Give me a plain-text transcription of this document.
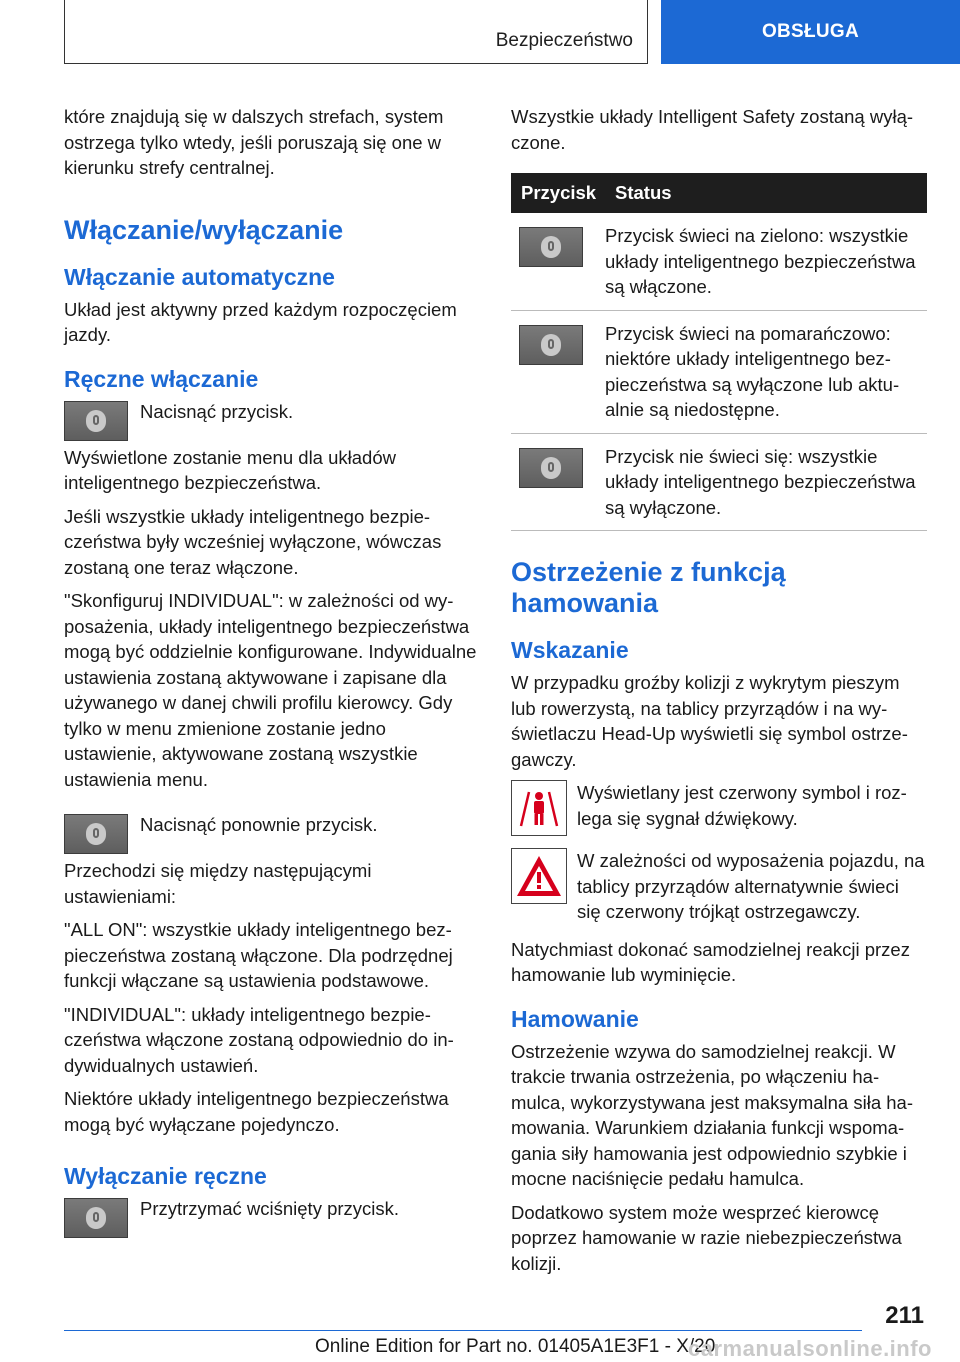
Bezpieczeństwo	OBSŁUGA

które znajdują się w dalszych strefach, system ostrzega tylko wtedy, jeśli poruszają się one w kierunku strefy centralnej.

Włączanie/wyłączanie
Włączanie automatyczne

Układ jest aktywny przed każdym rozpoczęciem jazdy.

Ręczne włączanie

Nacisnąć przycisk.

Wyświetlone zostanie menu dla układów inteligentnego bezpieczeństwa.

Jeśli wszystkie układy inteligentnego bezpieczeństwa były wcześniej wyłączone, wówczas zostaną one teraz włączone.

"Skonfiguruj INDIVIDUAL": w zależności od wyposażenia, układy inteligentnego bezpieczeństwa mogą być oddzielnie konfigurowane. Indywidualne ustawienia zostaną aktywowane i zapisane dla używanego w danej chwili profilu kierowcy. Gdy tylko w menu zmienione zostanie jedno ustawienie, aktywowane zostaną wszystkie ustawienia menu.

Nacisnąć ponownie przycisk.

Przechodzi się między następującymi ustawieniami:

"ALL ON": wszystkie układy inteligentnego bezpieczeństwa zostaną włączone. Dla podrzędnej funkcji włączane są ustawienia podstawowe.

"INDIVIDUAL": układy inteligentnego bezpieczeństwa włączone zostaną odpowiednio do indywidualnych ustawień.

Niektóre układy inteligentnego bezpieczeństwa mogą być wyłączane pojedynczo.

Wyłączanie ręczne

Przytrzymać wciśnięty przycisk.

Wszystkie układy Intelligent Safety zostaną wyłączone.

Przycisk	Status

	Przycisk świeci na zielono: wszystkie układy inteligentnego bezpieczeństwa są włączone.

	Przycisk świeci na pomarańczowo: niektóre układy inteligentnego bezpieczeństwa są wyłączone lub aktualnie są niedostępne.

	Przycisk nie świeci się: wszystkie układy inteligentnego bezpieczeństwa są wyłączone.
Ostrzeżenie z funkcją hamowania
Wskazanie

W przypadku groźby kolizji z wykrytym pieszym lub rowerzystą, na tablicy przyrządów i na wyświetlaczu Head-Up wyświetli się symbol ostrzegawczy.

Wyświetlany jest czerwony symbol i rozlega się sygnał dźwiękowy.

W zależności od wyposażenia pojazdu, na tablicy przyrządów alternatywnie świeci się czerwony trójkąt ostrzegawczy.

Natychmiast dokonać samodzielnej reakcji przez hamowanie lub wyminięcie.

Hamowanie

Ostrzeżenie wzywa do samodzielnej reakcji. W trakcie trwania ostrzeżenia, po włączeniu hamulca, wykorzystywana jest maksymalna siła hamowania. Warunkiem działania funkcji wspomagania siły hamowania jest odpowiednio szybkie i mocne naciśnięcie pedału hamulca.

Dodatkowo system może wesprzeć kierowcę poprzez hamowanie w razie niebezpieczeństwa kolizji.

211
Online Edition for Part no. 01405A1E3F1 - X/20
carmanualsonline.info
